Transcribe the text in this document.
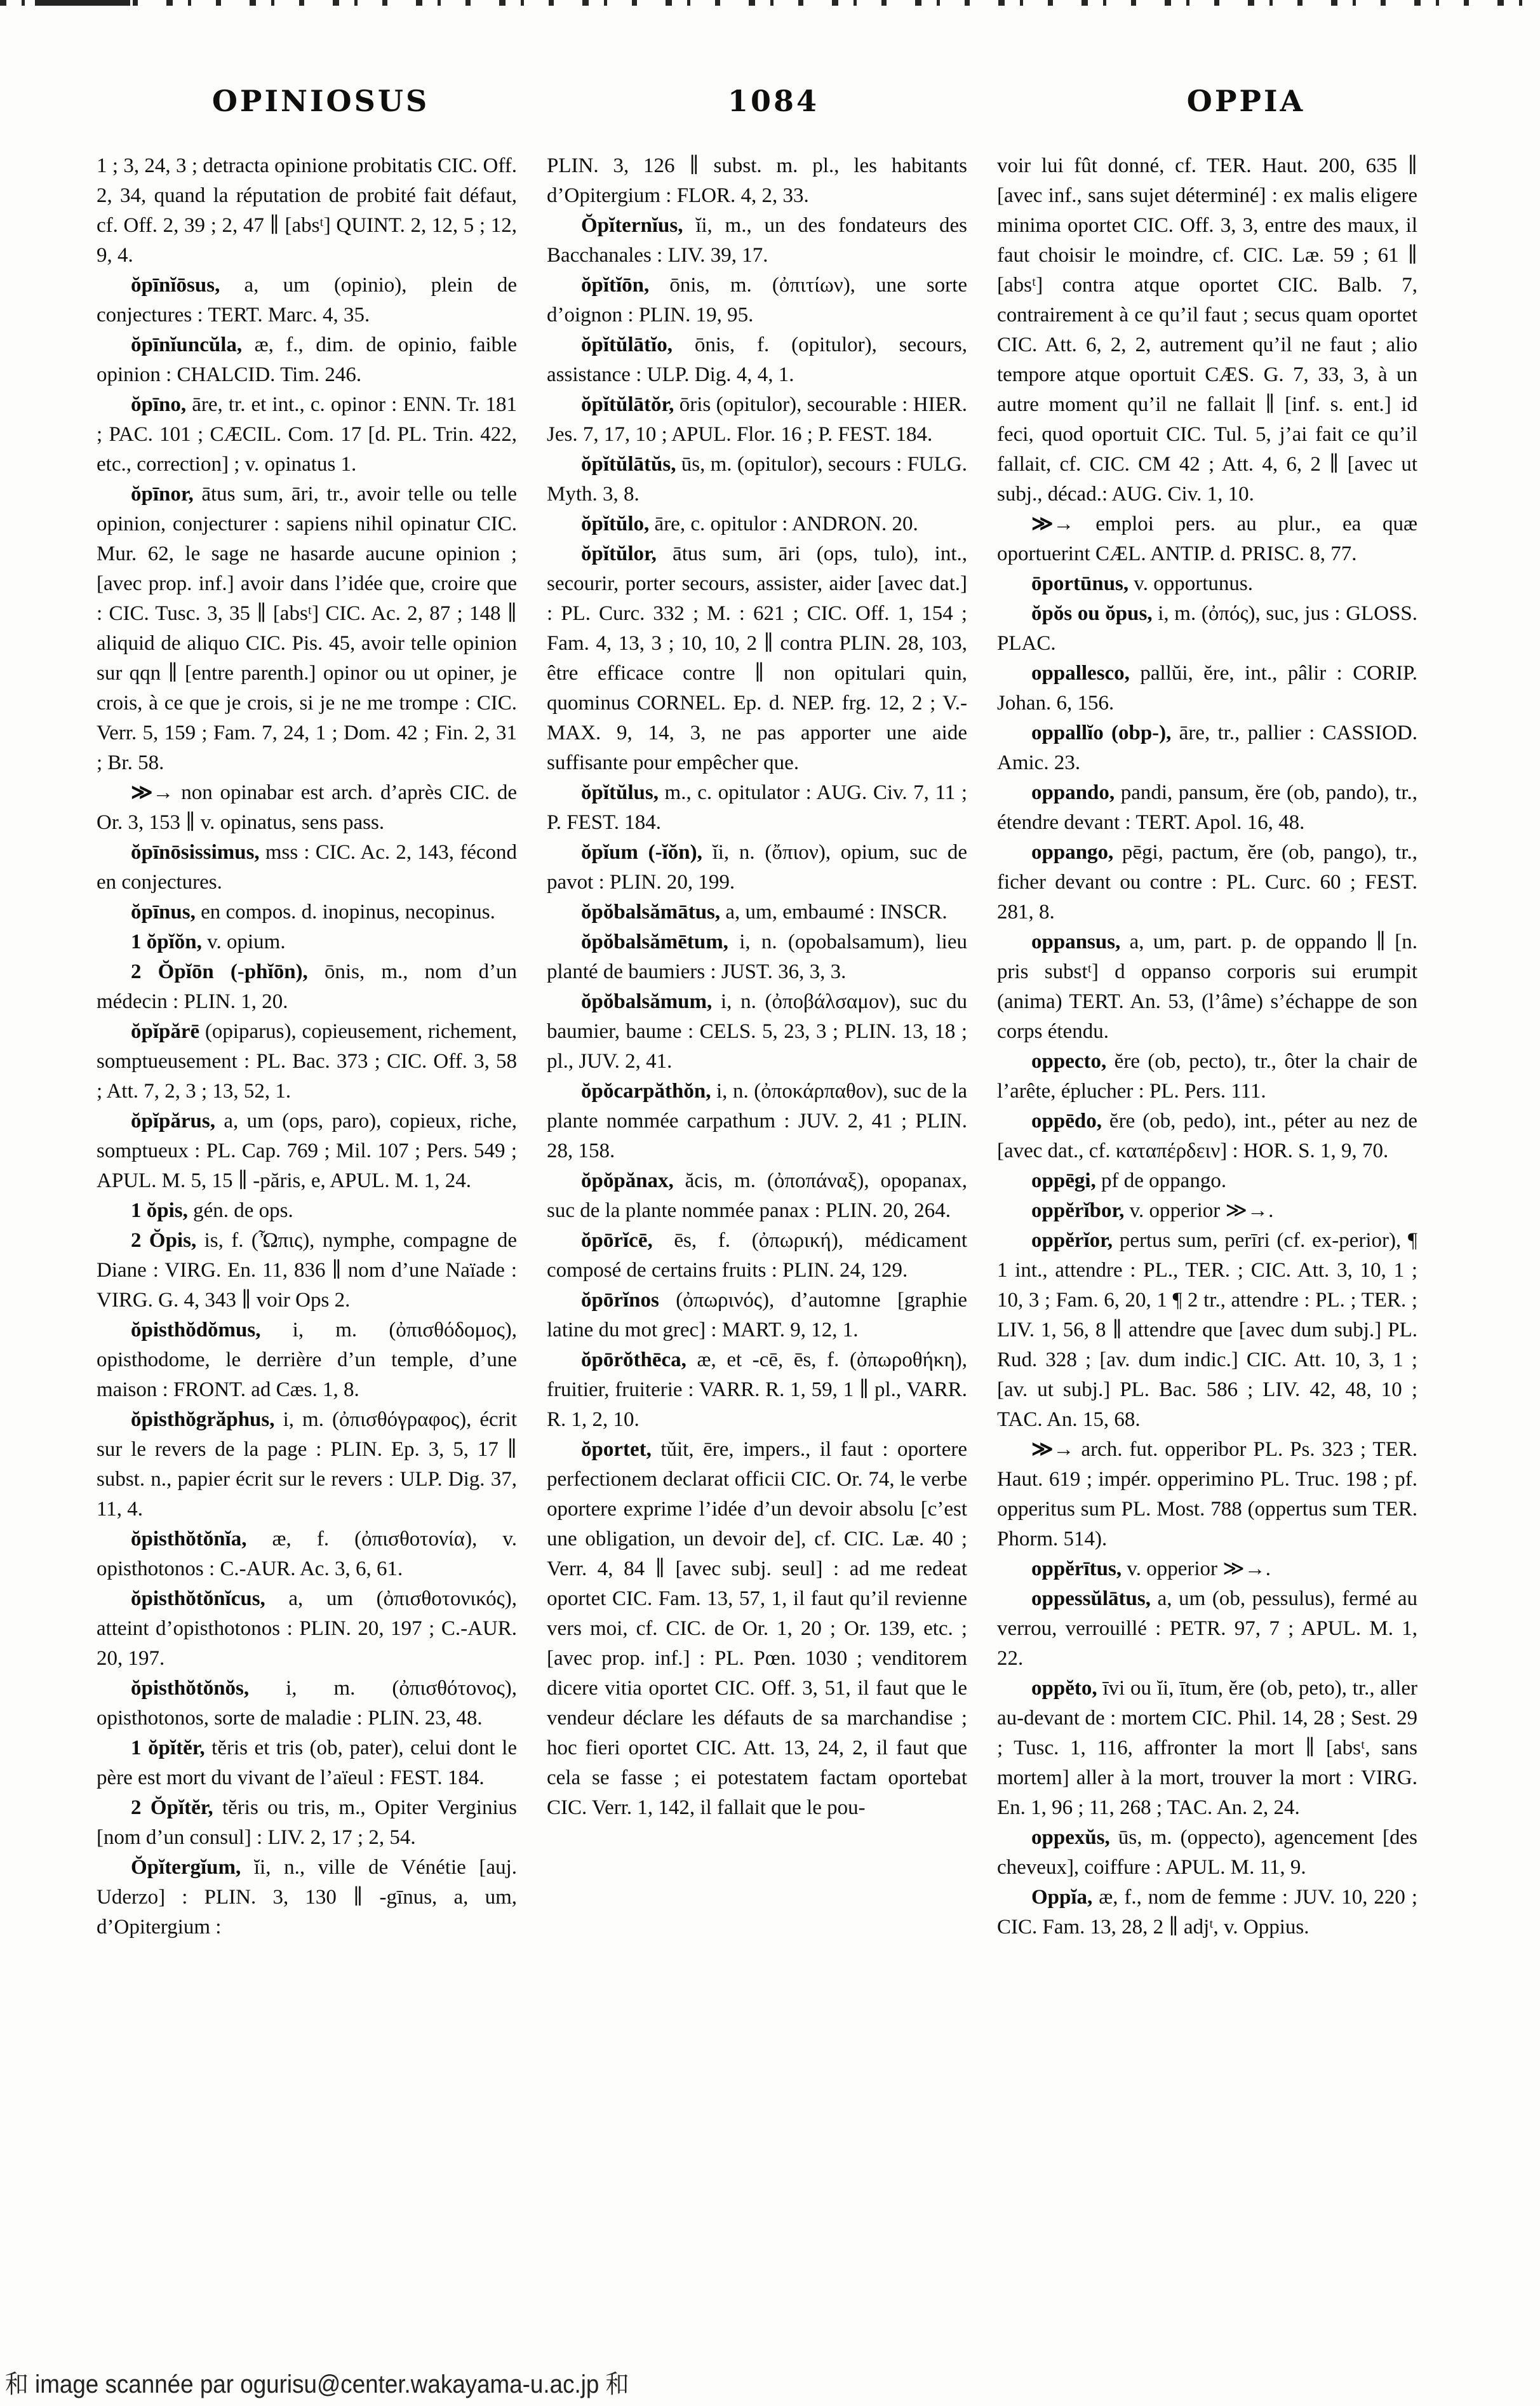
OPINIOSUS	1084	OPPIA

1 ; 3, 24, 3 ; detracta opinione probitatis CIC. Off. 2, 34, quand la réputation de probité fait défaut, cf. Off. 2, 39 ; 2, 47 ∥ [absᵗ] QUINT. 2, 12, 5 ; 12, 9, 4.

ŏpīnĭōsus, a, um (opinio), plein de conjectures : TERT. Marc. 4, 35.

ŏpīnĭuncŭla, æ, f., dim. de opinio, faible opinion : CHALCID. Tim. 246.

ŏpīno, āre, tr. et int., c. opinor : ENN. Tr. 181 ; PAC. 101 ; CÆCIL. Com. 17 [d. PL. Trin. 422, etc., correction] ; v. opinatus 1.

ŏpīnor, ātus sum, āri, tr., avoir telle ou telle opinion, conjecturer : sapiens nihil opinatur CIC. Mur. 62, le sage ne hasarde aucune opinion ; [avec prop. inf.] avoir dans l’idée que, croire que : CIC. Tusc. 3, 35 ∥ [absᵗ] CIC. Ac. 2, 87 ; 148 ∥ aliquid de aliquo CIC. Pis. 45, avoir telle opinion sur qqn ∥ [entre parenth.] opinor ou ut opiner, je crois, à ce que je crois, si je ne me trompe : CIC. Verr. 5, 159 ; Fam. 7, 24, 1 ; Dom. 42 ; Fin. 2, 31 ; Br. 58.

≫→ non opinabar est arch. d’après CIC. de Or. 3, 153 ∥ v. opinatus, sens pass.

ŏpīnōsissimus, mss : CIC. Ac. 2, 143, fécond en conjectures.

ŏpīnus, en compos. d. inopinus, necopinus.

1 ŏpĭŏn, v. opium.

2 Ŏpĭōn (-phĭōn), ōnis, m., nom d’un médecin : PLIN. 1, 20.

ŏpĭpărē (opiparus), copieusement, richement, somptueusement : PL. Bac. 373 ; CIC. Off. 3, 58 ; Att. 7, 2, 3 ; 13, 52, 1.

ŏpĭpărus, a, um (ops, paro), copieux, riche, somptueux : PL. Cap. 769 ; Mil. 107 ; Pers. 549 ; APUL. M. 5, 15 ∥ -păris, e, APUL. M. 1, 24.

1 ŏpis, gén. de ops.

2 Ŏpis, is, f. (Ὦπις), nymphe, compagne de Diane : VIRG. En. 11, 836 ∥ nom d’une Naïade : VIRG. G. 4, 343 ∥ voir Ops 2.

ŏpisthŏdŏmus, i, m. (ὀπισθόδομος), opisthodome, le derrière d’un temple, d’une maison : FRONT. ad Cæs. 1, 8.

ŏpisthŏgrăphus, i, m. (ὀπισθόγραφος), écrit sur le revers de la page : PLIN. Ep. 3, 5, 17 ∥ subst. n., papier écrit sur le revers : ULP. Dig. 37, 11, 4.

ŏpisthŏtŏnĭa, æ, f. (ὀπισθοτονία), v. opisthotonos : C.-AUR. Ac. 3, 6, 61.

ŏpisthŏtŏnĭcus, a, um (ὀπισθοτονικός), atteint d’opisthotonos : PLIN. 20, 197 ; C.-AUR. 20, 197.

ŏpisthŏtŏnŏs, i, m. (ὀπισθότονος), opisthotonos, sorte de maladie : PLIN. 23, 48.

1 ŏpĭtĕr, tĕris et tris (ob, pater), celui dont le père est mort du vivant de l’aïeul : FEST. 184.

2 Ŏpĭtĕr, tĕris ou tris, m., Opiter Verginius [nom d’un consul] : LIV. 2, 17 ; 2, 54.

Ŏpĭtergĭum, ĭi, n., ville de Vénétie [auj. Uderzo] : PLIN. 3, 130 ∥ -gīnus, a, um, d’Opitergium :

PLIN. 3, 126 ∥ subst. m. pl., les habitants d’Opitergium : FLOR. 4, 2, 33.

Ŏpĭternĭus, ĭi, m., un des fondateurs des Bacchanales : LIV. 39, 17.

ŏpĭtĭōn, ōnis, m. (ὀπιτίων), une sorte d’oignon : PLIN. 19, 95.

ŏpĭtŭlātĭo, ōnis, f. (opitulor), secours, assistance : ULP. Dig. 4, 4, 1.

ŏpĭtŭlātŏr, ōris (opitulor), secourable : HIER. Jes. 7, 17, 10 ; APUL. Flor. 16 ; P. FEST. 184.

ŏpĭtŭlātŭs, ūs, m. (opitulor), secours : FULG. Myth. 3, 8.

ŏpĭtŭlo, āre, c. opitulor : ANDRON. 20.

ŏpĭtŭlor, ātus sum, āri (ops, tulo), int., secourir, porter secours, assister, aider [avec dat.] : PL. Curc. 332 ; M. : 621 ; CIC. Off. 1, 154 ; Fam. 4, 13, 3 ; 10, 10, 2 ∥ contra PLIN. 28, 103, être efficace contre ∥ non opitulari quin, quominus CORNEL. Ep. d. NEP. frg. 12, 2 ; V.-MAX. 9, 14, 3, ne pas apporter une aide suffisante pour empêcher que.

ŏpĭtŭlus, m., c. opitulator : AUG. Civ. 7, 11 ; P. FEST. 184.

ŏpĭum (-ĭŏn), ĭi, n. (ὄπιον), opium, suc de pavot : PLIN. 20, 199.

ŏpŏbalsămātus, a, um, embaumé : INSCR.

ŏpŏbalsămētum, i, n. (opobalsamum), lieu planté de baumiers : JUST. 36, 3, 3.

ŏpŏbalsămum, i, n. (ὀποβάλσαμον), suc du baumier, baume : CELS. 5, 23, 3 ; PLIN. 13, 18 ; pl., JUV. 2, 41.

ŏpŏcarpăthŏn, i, n. (ὀποκάρπαθον), suc de la plante nommée carpathum : JUV. 2, 41 ; PLIN. 28, 158.

ŏpŏpănax, ăcis, m. (ὀποπάναξ), opopanax, suc de la plante nommée panax : PLIN. 20, 264.

ŏpōrĭcē, ēs, f. (ὀπωρική), médicament composé de certains fruits : PLIN. 24, 129.

ŏpōrĭnos (ὀπωρινός), d’automne [graphie latine du mot grec] : MART. 9, 12, 1.

ŏpōrŏthēca, æ, et -cē, ēs, f. (ὀπωροθήκη), fruitier, fruiterie : VARR. R. 1, 59, 1 ∥ pl., VARR. R. 1, 2, 10.

ŏportet, tŭit, ēre, impers., il faut : oportere perfectionem declarat officii CIC. Or. 74, le verbe oportere exprime l’idée d’un devoir absolu [c’est une obligation, un devoir de], cf. CIC. Læ. 40 ; Verr. 4, 84 ∥ [avec subj. seul] : ad me redeat oportet CIC. Fam. 13, 57, 1, il faut qu’il revienne vers moi, cf. CIC. de Or. 1, 20 ; Or. 139, etc. ; [avec prop. inf.] : PL. Pœn. 1030 ; venditorem dicere vitia oportet CIC. Off. 3, 51, il faut que le vendeur déclare les défauts de sa marchandise ; hoc fieri oportet CIC. Att. 13, 24, 2, il faut que cela se fasse ; ei potestatem factam oportebat CIC. Verr. 1, 142, il fallait que le pou-

voir lui fût donné, cf. TER. Haut. 200, 635 ∥ [avec inf., sans sujet déterminé] : ex malis eligere minima oportet CIC. Off. 3, 3, entre des maux, il faut choisir le moindre, cf. CIC. Læ. 59 ; 61 ∥ [absᵗ] contra atque oportet CIC. Balb. 7, contrairement à ce qu’il faut ; secus quam oportet CIC. Att. 6, 2, 2, autrement qu’il ne faut ; alio tempore atque oportuit CÆS. G. 7, 33, 3, à un autre moment qu’il ne fallait ∥ [inf. s. ent.] id feci, quod oportuit CIC. Tul. 5, j’ai fait ce qu’il fallait, cf. CIC. CM 42 ; Att. 4, 6, 2 ∥ [avec ut subj., décad.: AUG. Civ. 1, 10.

≫→ emploi pers. au plur., ea quæ oportuerint CÆL. ANTIP. d. PRISC. 8, 77.

ōportūnus, v. opportunus.

ŏpŏs ou ŏpus, i, m. (ὀπός), suc, jus : GLOSS. PLAC.

oppallesco, pallŭi, ĕre, int., pâlir : CORIP. Johan. 6, 156.

oppallĭo (obp-), āre, tr., pallier : CASSIOD. Amic. 23.

oppando, pandi, pansum, ĕre (ob, pando), tr., étendre devant : TERT. Apol. 16, 48.

oppango, pēgi, pactum, ĕre (ob, pango), tr., ficher devant ou contre : PL. Curc. 60 ; FEST. 281, 8.

oppansus, a, um, part. p. de oppando ∥ [n. pris substᵗ] d oppanso corporis sui erumpit (anima) TERT. An. 53, (l’âme) s’échappe de son corps étendu.

oppecto, ĕre (ob, pecto), tr., ôter la chair de l’arête, éplucher : PL. Pers. 111.

oppēdo, ĕre (ob, pedo), int., péter au nez de [avec dat., cf. καταπέρδειν] : HOR. S. 1, 9, 70.

oppēgi, pf de oppango.

oppĕrĭbor, v. opperior ≫→.

oppĕrĭor, pertus sum, perīri (cf. ex-perior), ¶ 1 int., attendre : PL., TER. ; CIC. Att. 3, 10, 1 ; 10, 3 ; Fam. 6, 20, 1 ¶ 2 tr., attendre : PL. ; TER. ; LIV. 1, 56, 8 ∥ attendre que [avec dum subj.] PL. Rud. 328 ; [av. dum indic.] CIC. Att. 10, 3, 1 ; [av. ut subj.] PL. Bac. 586 ; LIV. 42, 48, 10 ; TAC. An. 15, 68.

≫→ arch. fut. opperibor PL. Ps. 323 ; TER. Haut. 619 ; impér. opperimino PL. Truc. 198 ; pf. opperitus sum PL. Most. 788 (oppertus sum TER. Phorm. 514).

oppĕrītus, v. opperior ≫→.

oppessŭlātus, a, um (ob, pessulus), fermé au verrou, verrouillé : PETR. 97, 7 ; APUL. M. 1, 22.

oppĕto, īvi ou ĭi, ītum, ĕre (ob, peto), tr., aller au-devant de : mortem CIC. Phil. 14, 28 ; Sest. 29 ; Tusc. 1, 116, affronter la mort ∥ [absᵗ, sans mortem] aller à la mort, trouver la mort : VIRG. En. 1, 96 ; 11, 268 ; TAC. An. 2, 24.

oppexŭs, ūs, m. (oppecto), agencement [des cheveux], coiffure : APUL. M. 11, 9.

Oppĭa, æ, f., nom de femme : JUV. 10, 220 ; CIC. Fam. 13, 28, 2 ∥ adjᵗ, v. Oppius.

和 image scannée par ogurisu@center.wakayama-u.ac.jp 和
